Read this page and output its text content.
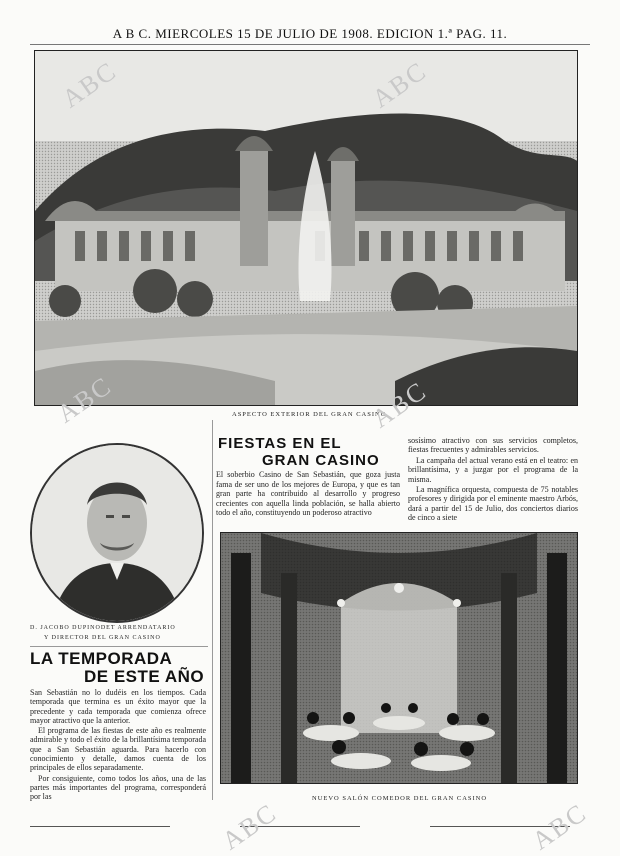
A B C. MIERCOLES 15 DE JULIO DE 1908. EDICION 1.ª PAG. 11.
ASPECTO EXTERIOR DEL GRAN CASINO
D. JACOBO DUPINODET ARRENDATARIO
Y DIRECTOR DEL GRAN CASINO
LA TEMPORADA
DE ESTE AÑO

San Sebastián no lo dudéis en los tiempos. Cada temporada que termina es un éxito mayor que la precedente y cada temporada que comienza ofrece mayor atractivo que la anterior.

El programa de las fiestas de este año es realmente admirable y todo el éxito de la brillantísima temporada que a San Sebastián aguarda. Para hacerlo con conocimiento y detalle, damos cuenta de los principales de ellos separadamente.

Por consiguiente, como todos los años, una de las partes más importantes del programa, corresponderá por las

FIESTAS EN EL
GRAN CASINO

El soberbio Casino de San Sebastián, que goza justa fama de ser uno de los mejores de Europa, y que es tan gran parte ha contribuido al desarrollo y progreso crecientes con aquella linda población, se halla abierto todo el año, constituyendo un poderoso atractivo

sosísimo atractivo con sus servicios completos, fiestas frecuentes y admirables servicios.

La campaña del actual verano está en el teatro: en brillantísima, y a juzgar por el programa de la misma.

La magnífica orquesta, compuesta de 75 notables profesores y dirigida por el eminente maestro Arbós, dará a partir del 15 de Julio, dos conciertos diarios de cinco a siete

NUEVO SALÓN COMEDOR DEL GRAN CASINO
ABC	ABC
ABC	ABC
ABC	ABC
